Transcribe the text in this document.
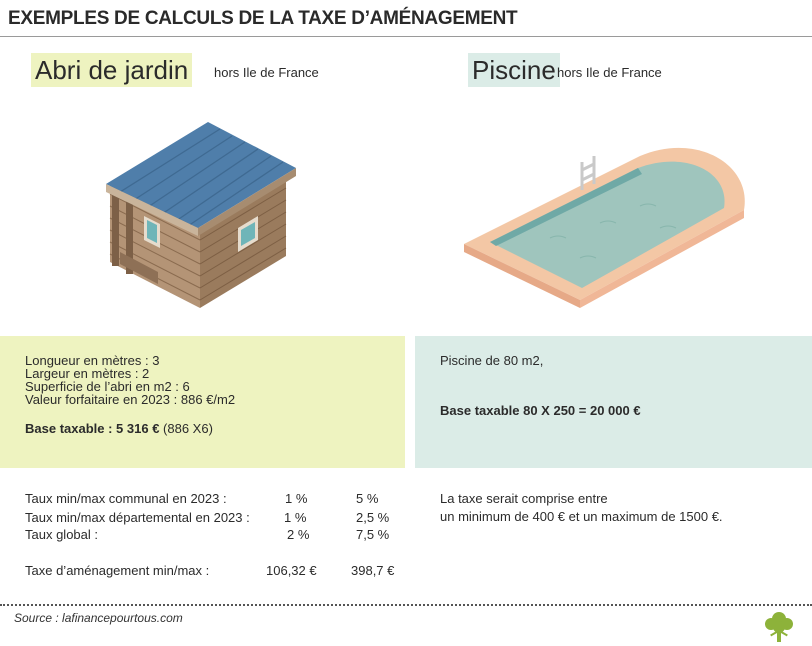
EXEMPLES DE CALCULS DE LA TAXE D’AMÉNAGEMENT
Abri de jardin	hors Ile de France	Piscine hors Ile de France
Longueur en mètres : 3
Largeur en mètres : 2
Superficie de l’abri en m2 : 6
Valeur forfaitaire en 2023 : 886 €/m2
Base taxable : 5 316 € (886 X6)
Piscine de 80 m2,
Base taxable 80 X 250 = 20 000 €
Taux min/max communal en 2023 :	1 %	5 %
Taux min/max départemental en 2023 :	1 %	2,5 %
Taux global :	2 %	7,5 %
Taxe d’aménagement min/max :	106,32 €	398,7 €
La taxe serait comprise entre
un minimum de 400 € et un maximum de 1500 €.
Source : lafinancepourtous.com
